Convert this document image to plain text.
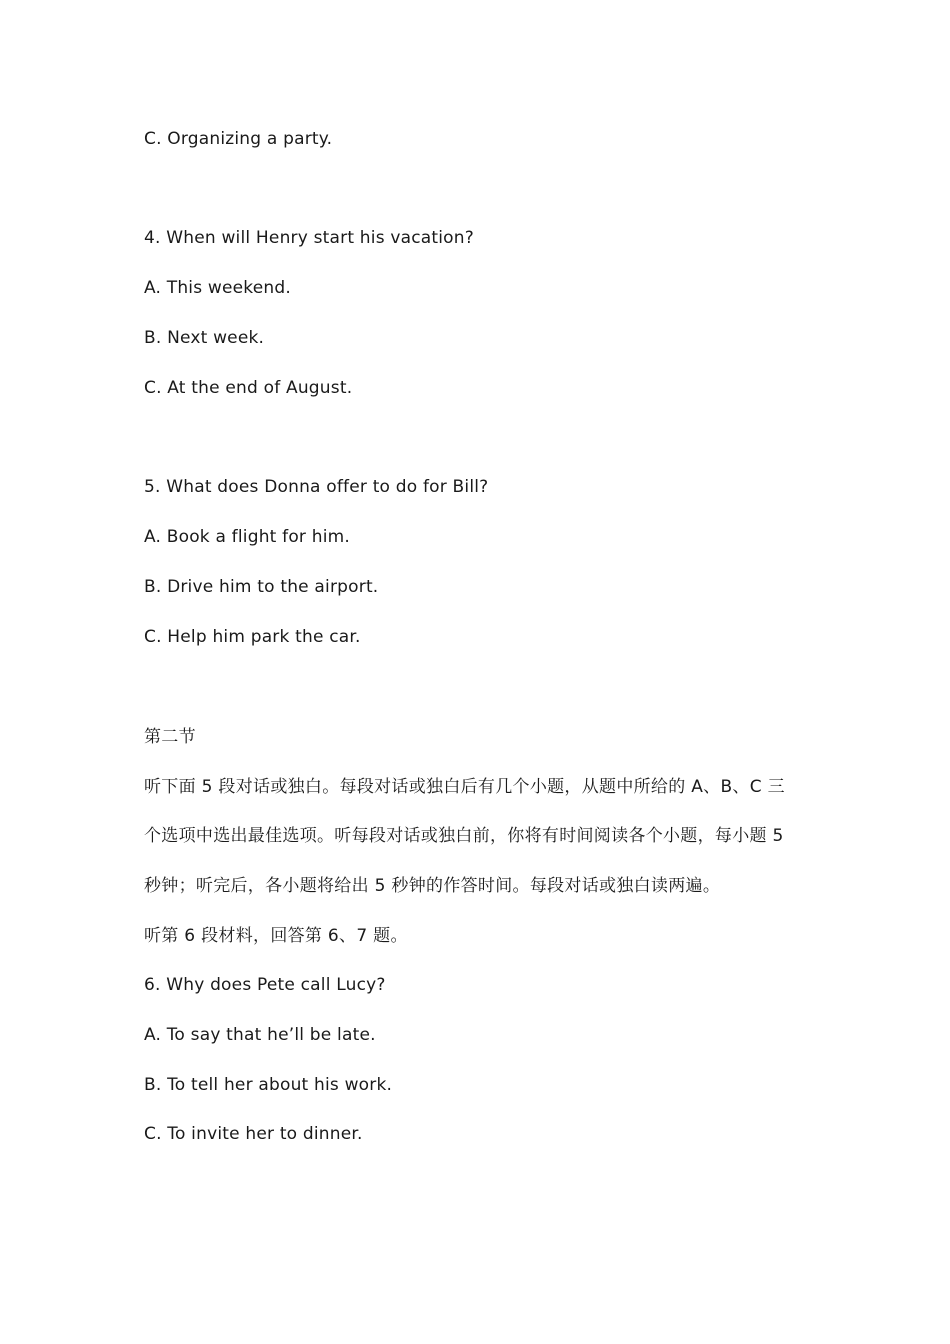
C. Organizing a party.
4. When will Henry start his vacation?
A. This weekend.
B. Next week.
C. At the end of August.
5. What does Donna offer to do for Bill?
A. Book a flight for him.
B. Drive him to the airport.
C. Help him park the car.
第二节
听下面 5 段对话或独白。每段对话或独白后有几个小题，从题中所给的 A、B、C 三
个选项中选出最佳选项。听每段对话或独白前，你将有时间阅读各个小题，每小题 5
秒钟；听完后，各小题将给出 5 秒钟的作答时间。每段对话或独白读两遍。
听第 6 段材料，回答第 6、7 题。
6. Why does Pete call Lucy?
A. To say that he’ll be late.
B. To tell her about his work.
C. To invite her to dinner.
